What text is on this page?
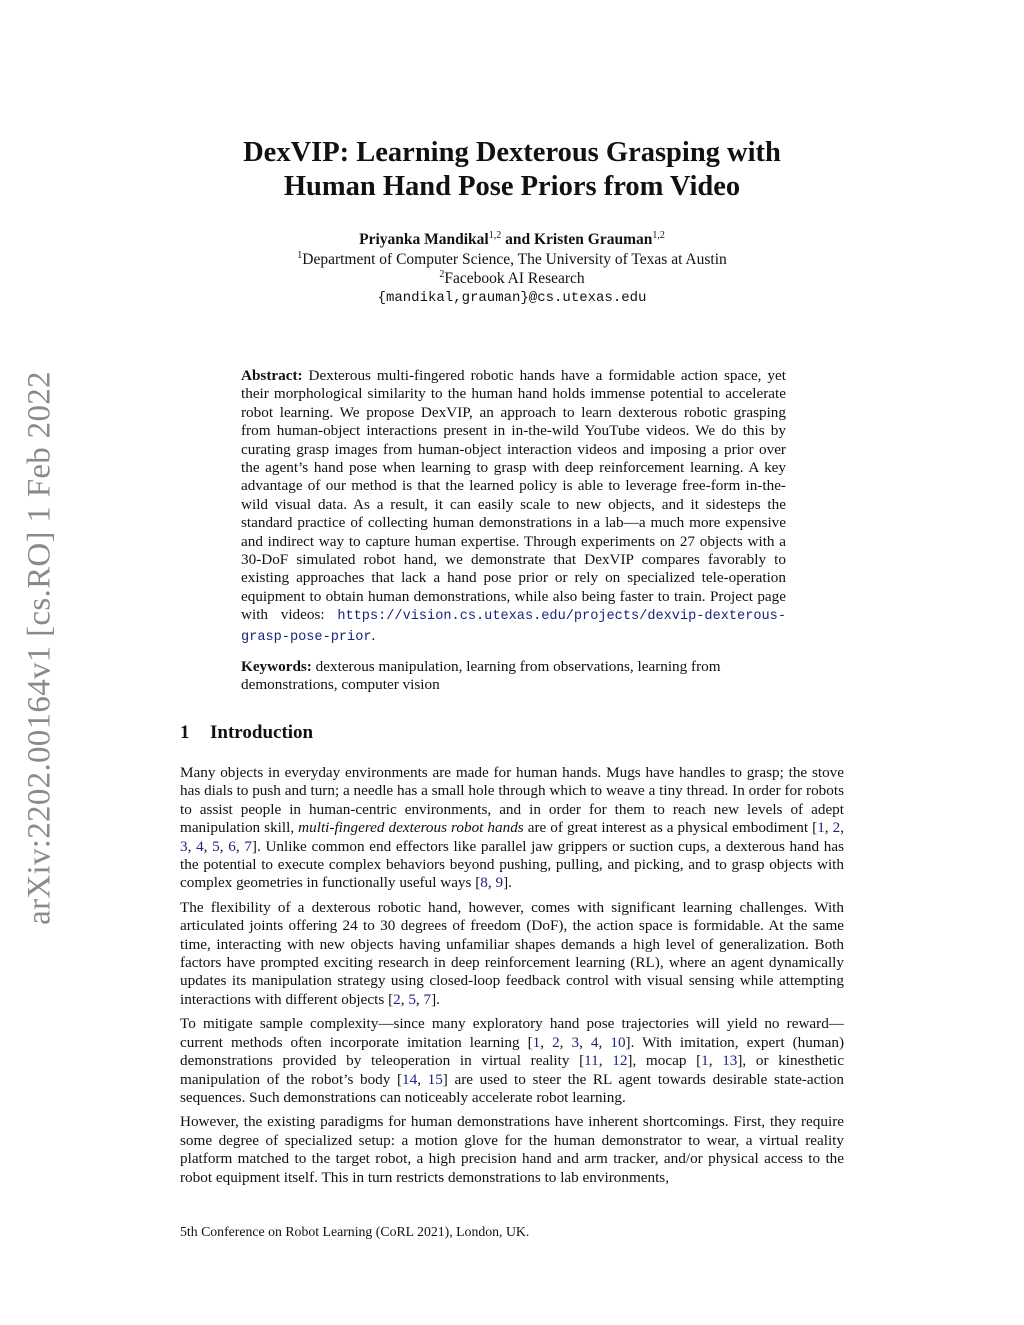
arXiv:2202.00164v1 [cs.RO] 1 Feb 2022
DexVIP: Learning Dexterous Grasping with
Human Hand Pose Priors from Video
Priyanka Mandikal$^{1,2}$ and Kristen Grauman$^{1,2}$
$^1$Department of Computer Science, The University of Texas at Austin
$^2$Facebook AI Research
{mandikal,grauman}@cs.utexas.edu
Abstract: Dexterous multi-fingered robotic hands have a formidable action space, yet their morphological similarity to the human hand holds immense potential to accelerate robot learning. We propose DexVIP, an approach to learn dexterous robotic grasping from human-object interactions present in in-the-wild YouTube videos. We do this by curating grasp images from human-object interaction videos and imposing a prior over the agent’s hand pose when learning to grasp with deep reinforcement learning. A key advantage of our method is that the learned policy is able to leverage free-form in-the-wild visual data. As a result, it can easily scale to new objects, and it sidesteps the standard practice of collecting human demonstrations in a lab—a much more expensive and indirect way to capture human expertise. Through experiments on 27 objects with a 30-DoF simulated robot hand, we demonstrate that DexVIP compares favorably to existing approaches that lack a hand pose prior or rely on specialized tele-operation equipment to obtain human demonstrations, while also being faster to train. Project page with videos: https://vision.cs.utexas.edu/projects/dexvip-dexterous-grasp-pose-prior.
Keywords: dexterous manipulation, learning from observations, learning from demonstrations, computer vision
1 Introduction

Many objects in everyday environments are made for human hands. Mugs have handles to grasp; the stove has dials to push and turn; a needle has a small hole through which to weave a tiny thread. In order for robots to assist people in human-centric environments, and in order for them to reach new levels of adept manipulation skill, multi-fingered dexterous robot hands are of great interest as a physical embodiment [1, 2, 3, 4, 5, 6, 7]. Unlike common end effectors like parallel jaw grippers or suction cups, a dexterous hand has the potential to execute complex behaviors beyond pushing, pulling, and picking, and to grasp objects with complex geometries in functionally useful ways [8, 9].

The flexibility of a dexterous robotic hand, however, comes with significant learning challenges. With articulated joints offering 24 to 30 degrees of freedom (DoF), the action space is formidable. At the same time, interacting with new objects having unfamiliar shapes demands a high level of generalization. Both factors have prompted exciting research in deep reinforcement learning (RL), where an agent dynamically updates its manipulation strategy using closed-loop feedback control with visual sensing while attempting interactions with different objects [2, 5, 7].

To mitigate sample complexity—since many exploratory hand pose trajectories will yield no reward—current methods often incorporate imitation learning [1, 2, 3, 4, 10]. With imitation, expert (human) demonstrations provided by teleoperation in virtual reality [11, 12], mocap [1, 13], or kinesthetic manipulation of the robot’s body [14, 15] are used to steer the RL agent towards desirable state-action sequences. Such demonstrations can noticeably accelerate robot learning.

However, the existing paradigms for human demonstrations have inherent shortcomings. First, they require some degree of specialized setup: a motion glove for the human demonstrator to wear, a virtual reality platform matched to the target robot, a high precision hand and arm tracker, and/or physical access to the robot equipment itself. This in turn restricts demonstrations to lab environments,

5th Conference on Robot Learning (CoRL 2021), London, UK.
